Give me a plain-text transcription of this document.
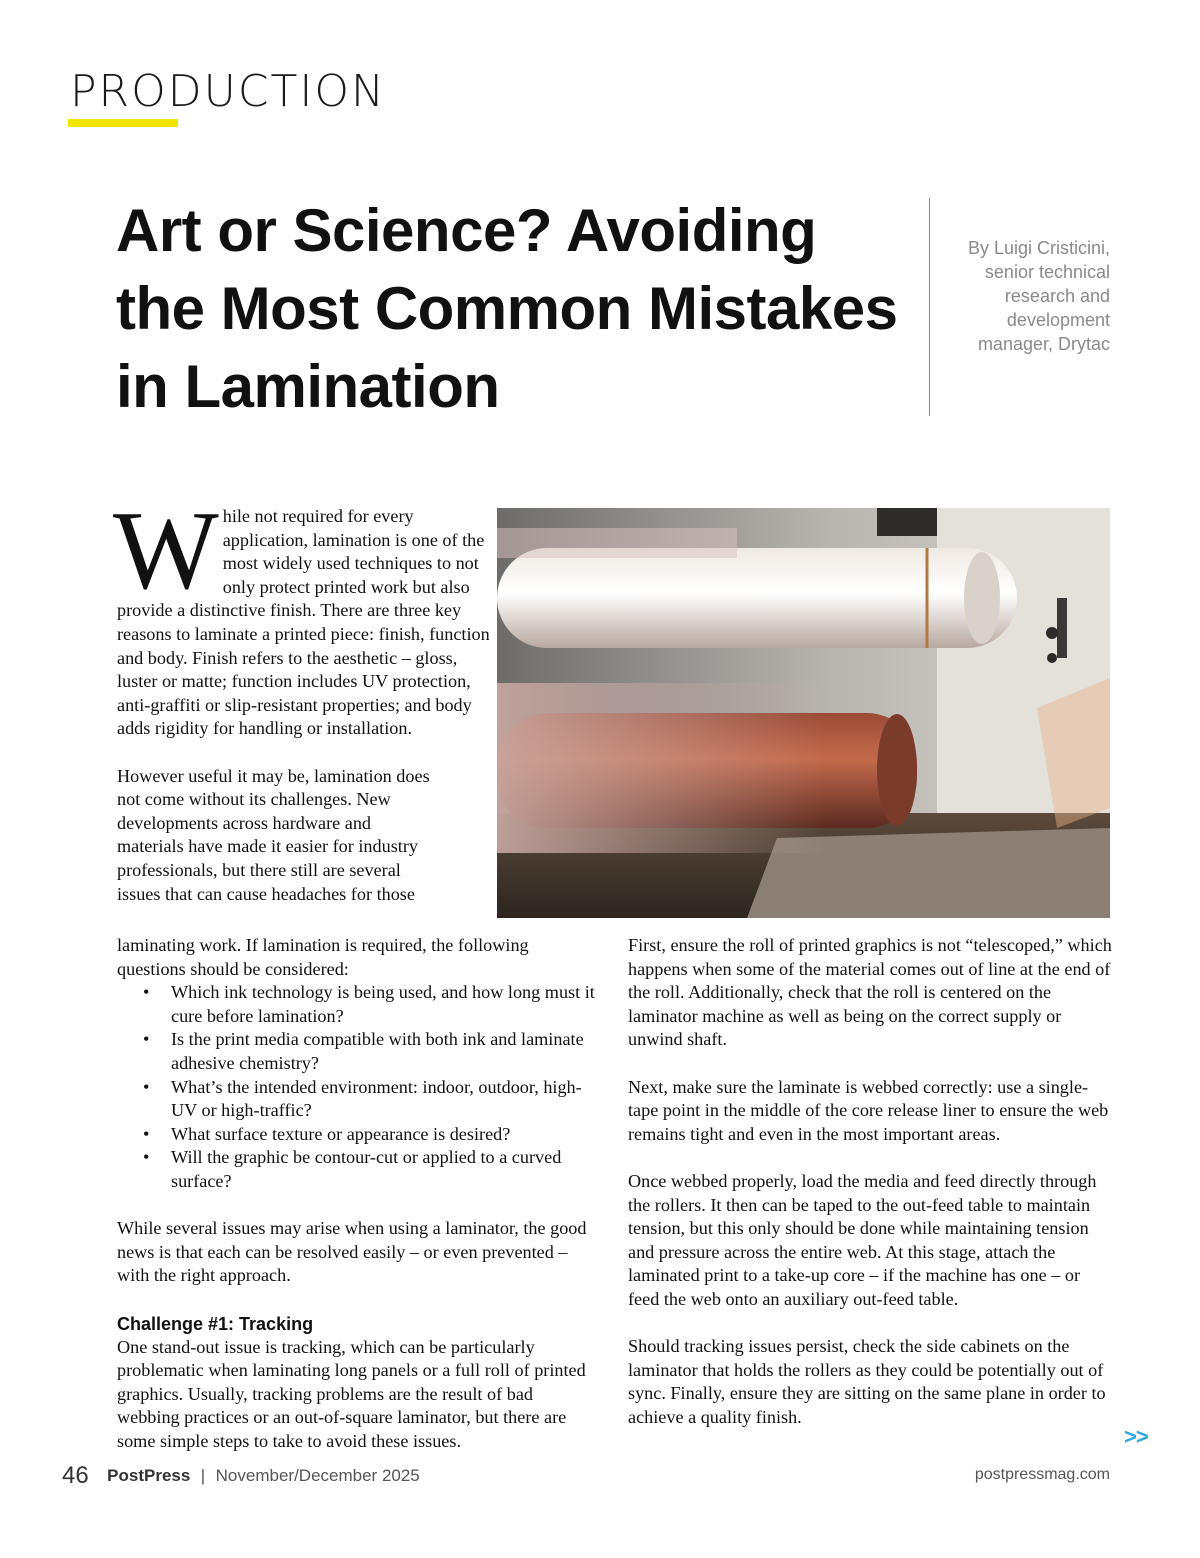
PRODUCTION
Art or Science? Avoiding the Most Common Mistakes in Lamination
By Luigi Cristicini,
senior technical
research and
development
manager, Drytac

While not required for every application, lamination is one of the most widely used techniques to not only protect printed work but also provide a distinctive finish. There are three key reasons to laminate a printed piece: finish, function and body. Finish refers to the aesthetic – gloss, luster or matte; function includes UV protection, anti-graffiti or slip-resistant properties; and body adds rigidity for handling or installation.

However useful it may be, lamination does not come without its challenges. New developments across hardware and materials have made it easier for industry professionals, but there still are several issues that can cause headaches for those

laminating work. If lamination is required, the following questions should be considered:

• Which ink technology is being used, and how long must it cure before lamination?
• Is the print media compatible with both ink and laminate adhesive chemistry?
• What’s the intended environment: indoor, outdoor, high-UV or high-traffic?
• What surface texture or appearance is desired?
• Will the graphic be contour-cut or applied to a curved surface?

While several issues may arise when using a laminator, the good news is that each can be resolved easily – or even prevented – with the right approach.

Challenge #1: Tracking

One stand-out issue is tracking, which can be particularly problematic when laminating long panels or a full roll of printed graphics. Usually, tracking problems are the result of bad webbing practices or an out-of-square laminator, but there are some simple steps to take to avoid these issues.

First, ensure the roll of printed graphics is not “telescoped,” which happens when some of the material comes out of line at the end of the roll. Additionally, check that the roll is centered on the laminator machine as well as being on the correct supply or unwind shaft.

Next, make sure the laminate is webbed correctly: use a single-tape point in the middle of the core release liner to ensure the web remains tight and even in the most important areas.

Once webbed properly, load the media and feed directly through the rollers. It then can be taped to the out-feed table to maintain tension, but this only should be done while maintaining tension and pressure across the entire web. At this stage, attach the laminated print to a take-up core – if the machine has one – or feed the web onto an auxiliary out-feed table.

Should tracking issues persist, check the side cabinets on the laminator that holds the rollers as they could be potentially out of sync. Finally, ensure they are sitting on the same plane in order to achieve a quality finish.

>>
46 PostPress | November/December 2025	postpressmag.com
